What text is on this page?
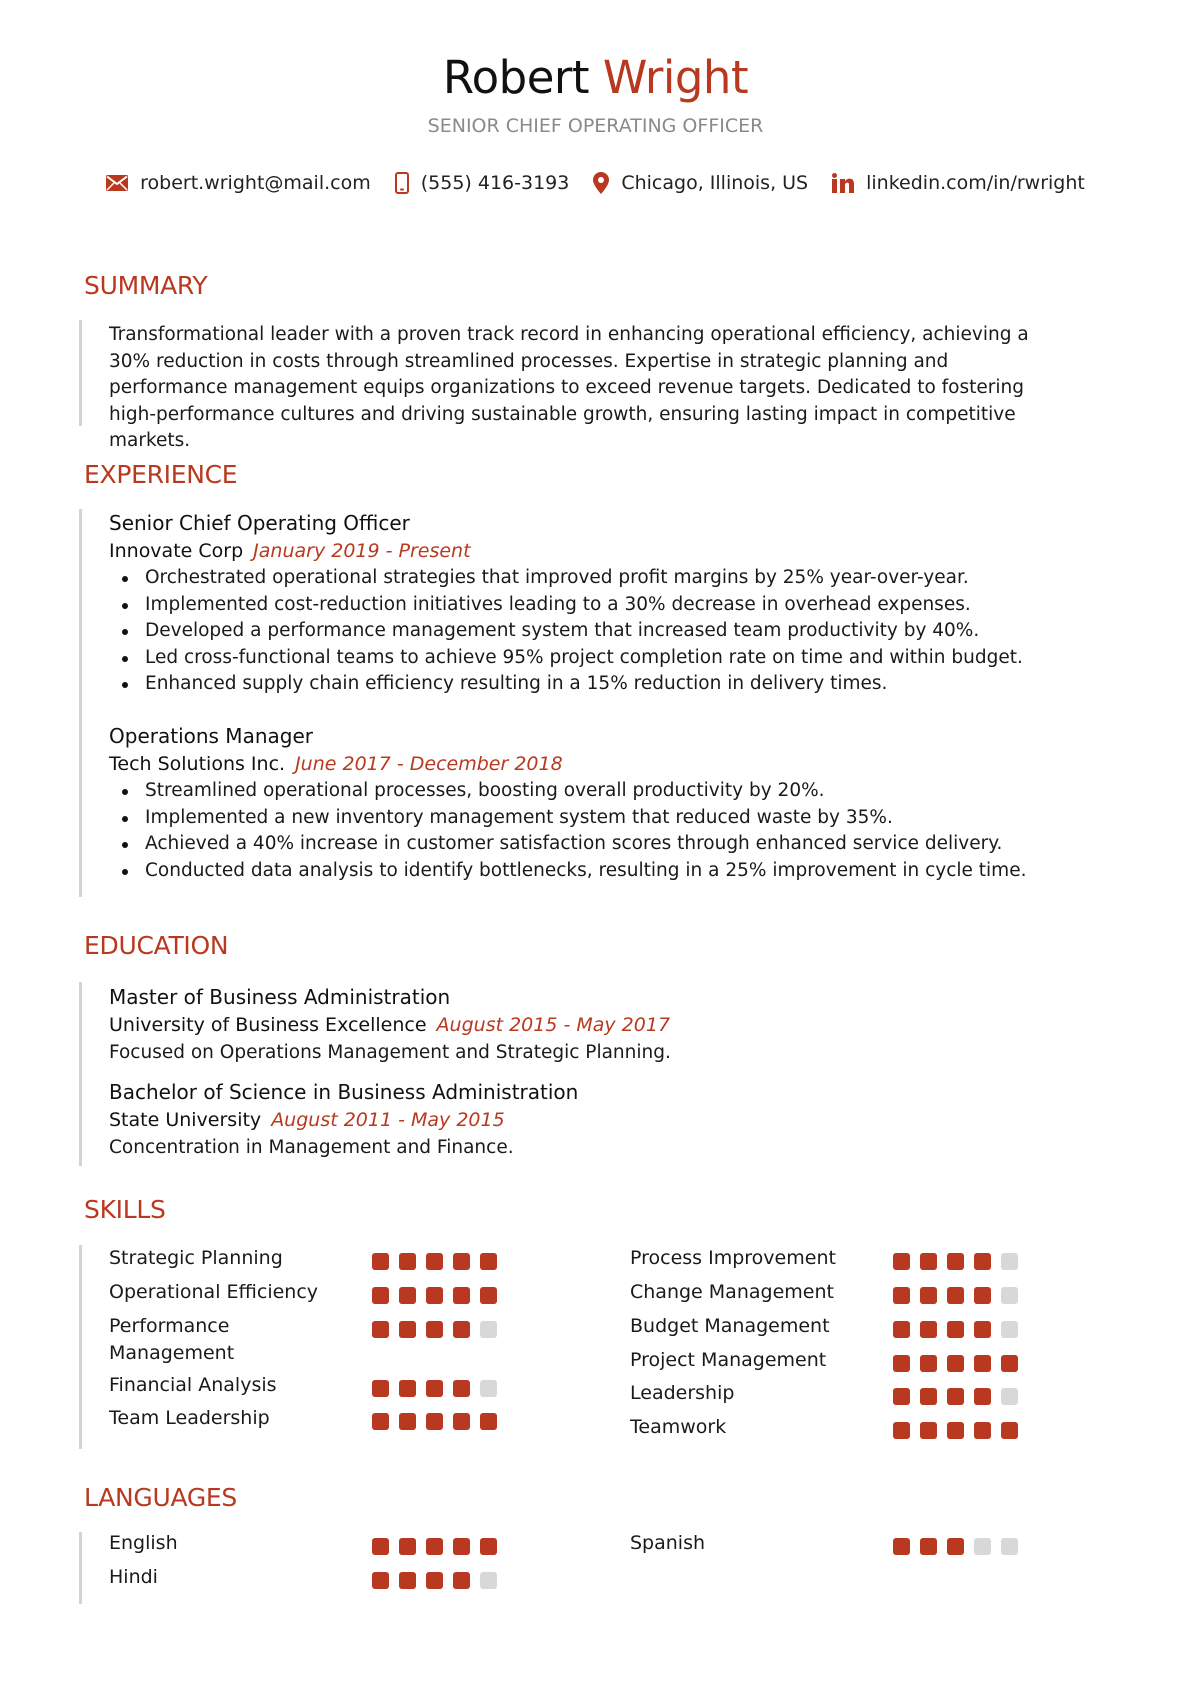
Robert Wright
SENIOR CHIEF OPERATING OFFICER
robert.wright@mail.com	(555) 416-3193	Chicago, Illinois, US	linkedin.com/in/rwright
SUMMARY
Transformational leader with a proven track record in enhancing operational efficiency, achieving a 30% reduction in costs through streamlined processes. Expertise in strategic planning and performance management equips organizations to exceed revenue targets. Dedicated to fostering high-performance cultures and driving sustainable growth, ensuring lasting impact in competitive markets.
EXPERIENCE
Senior Chief Operating Officer
Innovate Corp January 2019 - Present
Orchestrated operational strategies that improved profit margins by 25% year-over-year.
Implemented cost-reduction initiatives leading to a 30% decrease in overhead expenses.
Developed a performance management system that increased team productivity by 40%.
Led cross-functional teams to achieve 95% project completion rate on time and within budget.
Enhanced supply chain efficiency resulting in a 15% reduction in delivery times.
Operations Manager
Tech Solutions Inc. June 2017 - December 2018
Streamlined operational processes, boosting overall productivity by 20%.
Implemented a new inventory management system that reduced waste by 35%.
Achieved a 40% increase in customer satisfaction scores through enhanced service delivery.
Conducted data analysis to identify bottlenecks, resulting in a 25% improvement in cycle time.
EDUCATION
Master of Business Administration
University of Business Excellence August 2015 - May 2017
Focused on Operations Management and Strategic Planning.
Bachelor of Science in Business Administration
State University August 2011 - May 2015
Concentration in Management and Finance.
SKILLS
Strategic Planning
Operational Efficiency
Performance Management
Financial Analysis
Team Leadership
Process Improvement
Change Management
Budget Management
Project Management
Leadership
Teamwork
LANGUAGES
English
Hindi
Spanish
